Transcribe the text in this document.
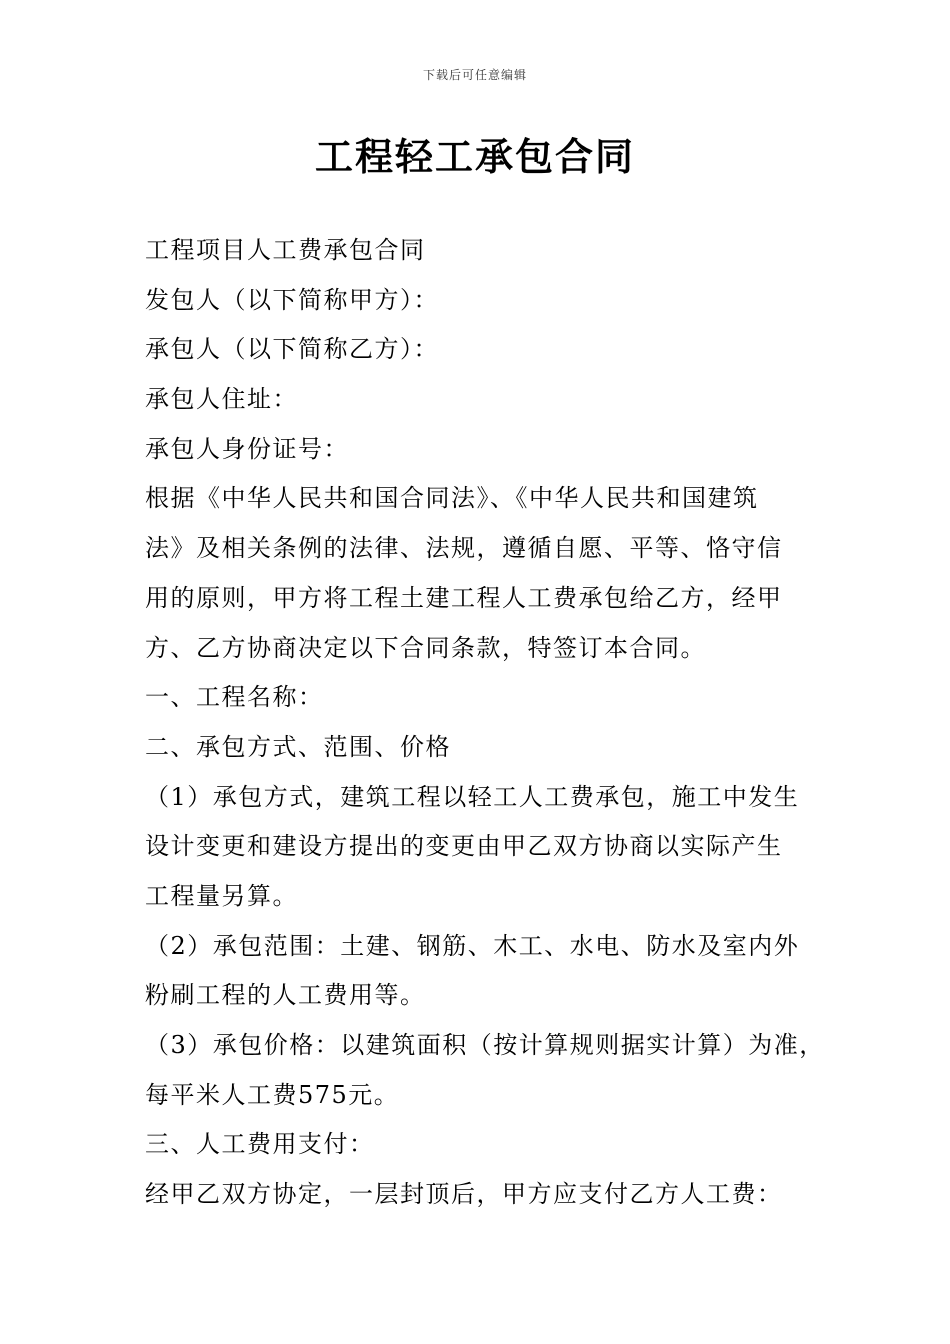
下载后可任意编辑
工程轻工承包合同
工程项目人工费承包合同
发包人（以下简称甲方）：
承包人（以下简称乙方）：
承包人住址：
承包人身份证号：
根据《中华人民共和国合同法》、《中华人民共和国建筑
法》及相关条例的法律、法规，遵循自愿、平等、恪守信
用的原则，甲方将工程土建工程人工费承包给乙方，经甲
方、乙方协商决定以下合同条款，特签订本合同。
一、工程名称：
二、承包方式、范围、价格
（1）承包方式，建筑工程以轻工人工费承包，施工中发生
设计变更和建设方提出的变更由甲乙双方协商以实际产生
工程量另算。
（2）承包范围：土建、钢筋、木工、水电、防水及室内外
粉刷工程的人工费用等。
（3）承包价格：以建筑面积（按计算规则据实计算）为准，
每平米人工费575元。
三、人工费用支付：
经甲乙双方协定，一层封顶后，甲方应支付乙方人工费：
